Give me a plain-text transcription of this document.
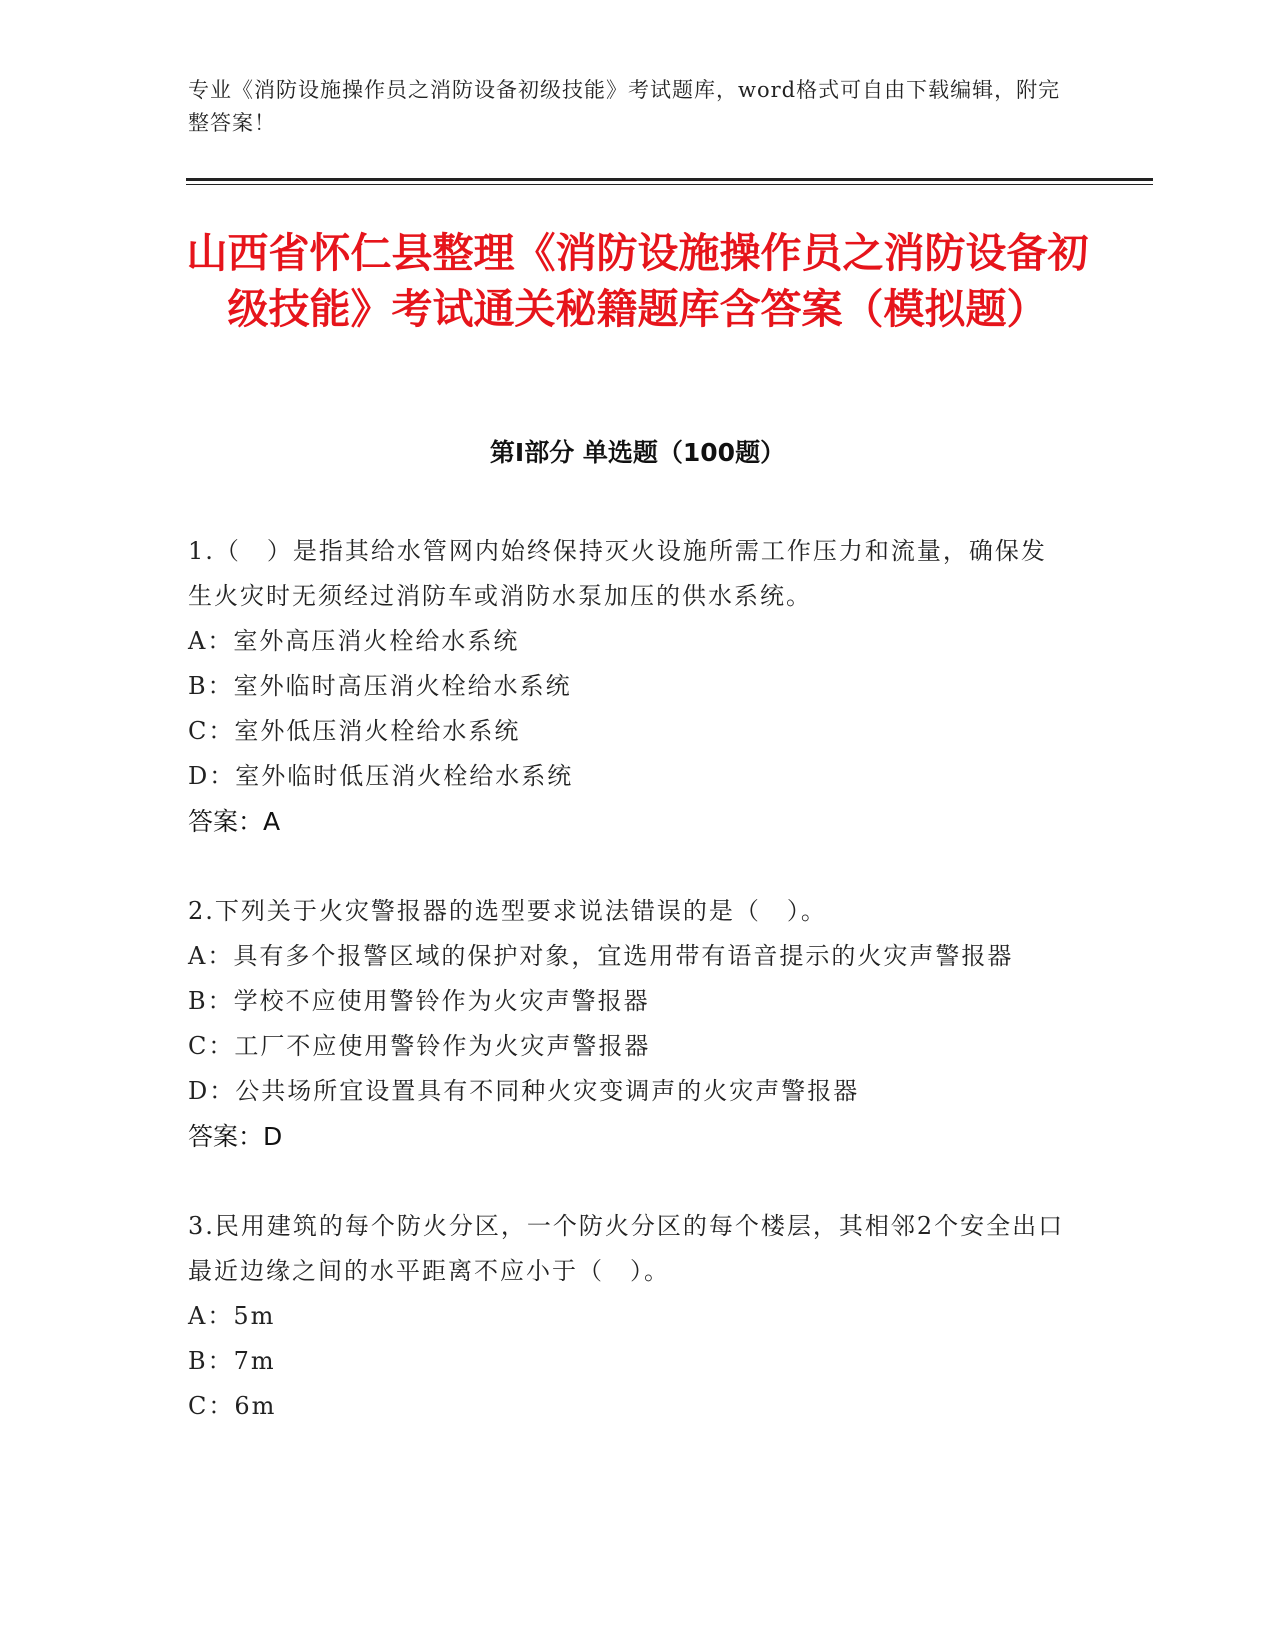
专业《消防设施操作员之消防设备初级技能》考试题库，word格式可自由下载编辑，附完整答案！
山西省怀仁县整理《消防设施操作员之消防设备初级技能》考试通关秘籍题库含答案（模拟题）
第Ⅰ部分 单选题（100题）

1.（　）是指其给水管网内始终保持灭火设施所需工作压力和流量，确保发生火灾时无须经过消防车或消防水泵加压的供水系统。

A：室外高压消火栓给水系统

B：室外临时高压消火栓给水系统

C：室外低压消火栓给水系统

D：室外临时低压消火栓给水系统

答案：A

2.下列关于火灾警报器的选型要求说法错误的是（　）。

A：具有多个报警区域的保护对象，宜选用带有语音提示的火灾声警报器

B：学校不应使用警铃作为火灾声警报器

C：工厂不应使用警铃作为火灾声警报器

D：公共场所宜设置具有不同种火灾变调声的火灾声警报器

答案：D

3.民用建筑的每个防火分区，一个防火分区的每个楼层，其相邻2个安全出口最近边缘之间的水平距离不应小于（　）。

A：5m

B：7m

C：6m
